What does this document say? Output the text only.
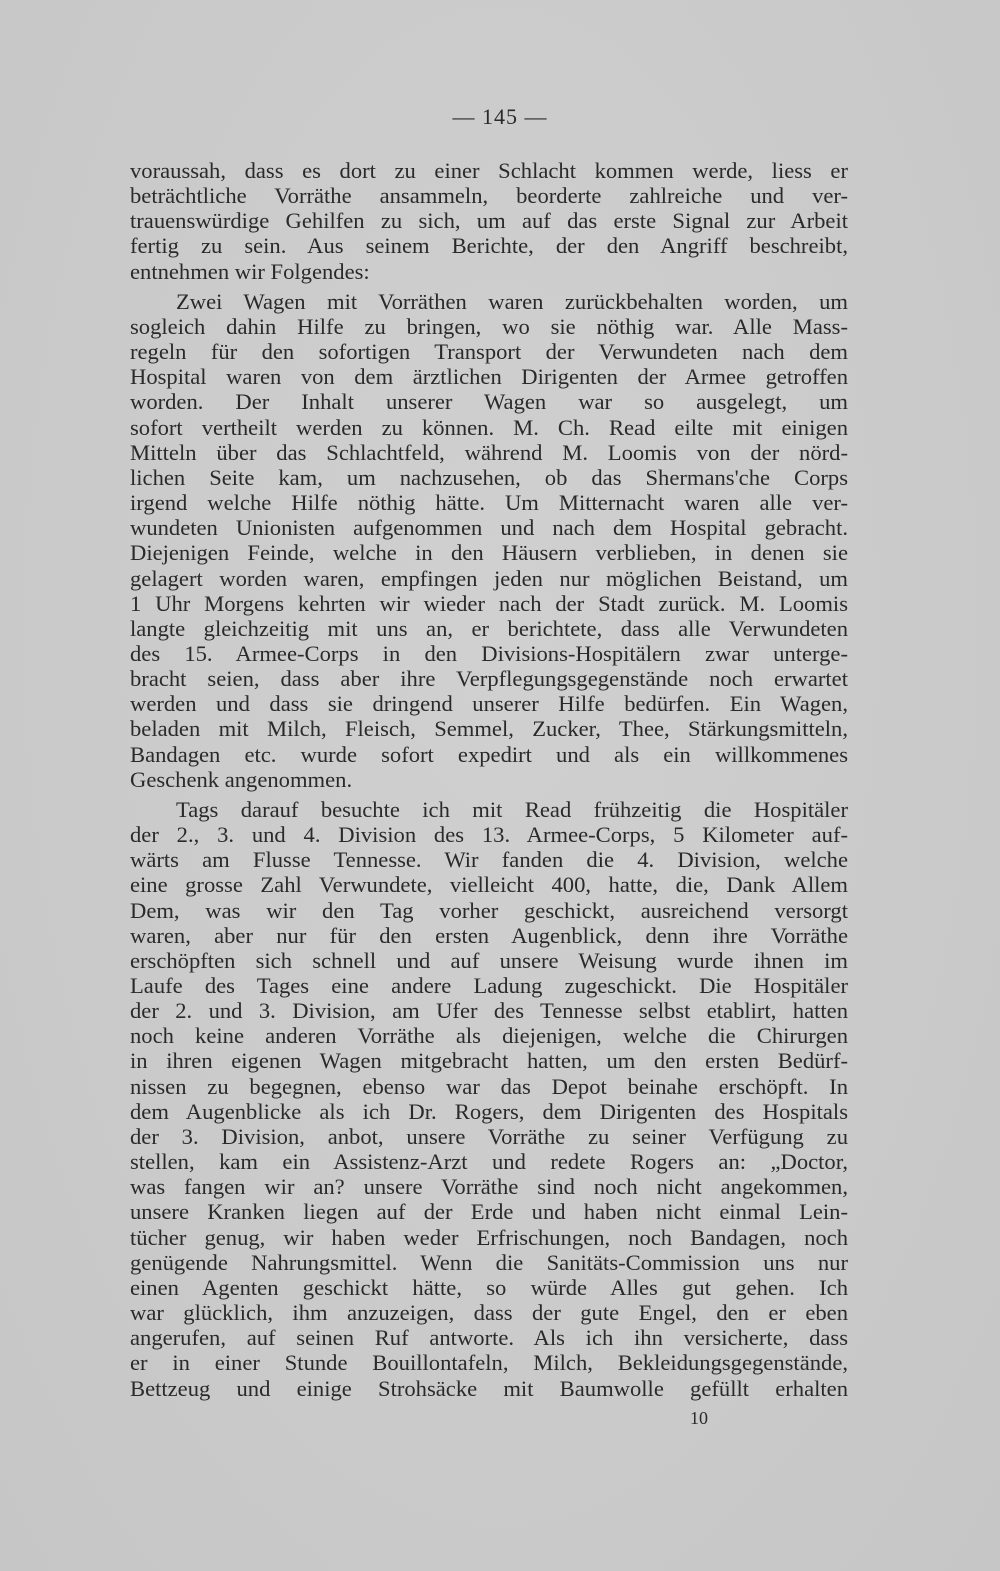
— 145 —
voraussah, dass es dort zu einer Schlacht kommen werde, liess er
beträchtliche Vorräthe ansammeln, beorderte zahlreiche und ver-
trauenswürdige Gehilfen zu sich, um auf das erste Signal zur Arbeit
fertig zu sein. Aus seinem Berichte, der den Angriff beschreibt,
entnehmen wir Folgendes:
Zwei Wagen mit Vorräthen waren zurückbehalten worden, um
sogleich dahin Hilfe zu bringen, wo sie nöthig war. Alle Mass-
regeln für den sofortigen Transport der Verwundeten nach dem
Hospital waren von dem ärztlichen Dirigenten der Armee getroffen
worden. Der Inhalt unserer Wagen war so ausgelegt, um
sofort vertheilt werden zu können. M. Ch. Read eilte mit einigen
Mitteln über das Schlachtfeld, während M. Loomis von der nörd-
lichen Seite kam, um nachzusehen, ob das Shermans'che Corps
irgend welche Hilfe nöthig hätte. Um Mitternacht waren alle ver-
wundeten Unionisten aufgenommen und nach dem Hospital gebracht.
Diejenigen Feinde, welche in den Häusern verblieben, in denen sie
gelagert worden waren, empfingen jeden nur möglichen Beistand, um
1 Uhr Morgens kehrten wir wieder nach der Stadt zurück. M. Loomis
langte gleichzeitig mit uns an, er berichtete, dass alle Verwundeten
des 15. Armee-Corps in den Divisions-Hospitälern zwar unterge-
bracht seien, dass aber ihre Verpflegungsgegenstände noch erwartet
werden und dass sie dringend unserer Hilfe bedürfen. Ein Wagen,
beladen mit Milch, Fleisch, Semmel, Zucker, Thee, Stärkungsmitteln,
Bandagen etc. wurde sofort expedirt und als ein willkommenes
Geschenk angenommen.
Tags darauf besuchte ich mit Read frühzeitig die Hospitäler
der 2., 3. und 4. Division des 13. Armee-Corps, 5 Kilometer auf-
wärts am Flusse Tennesse. Wir fanden die 4. Division, welche
eine grosse Zahl Verwundete, vielleicht 400, hatte, die, Dank Allem
Dem, was wir den Tag vorher geschickt, ausreichend versorgt
waren, aber nur für den ersten Augenblick, denn ihre Vorräthe
erschöpften sich schnell und auf unsere Weisung wurde ihnen im
Laufe des Tages eine andere Ladung zugeschickt. Die Hospitäler
der 2. und 3. Division, am Ufer des Tennesse selbst etablirt, hatten
noch keine anderen Vorräthe als diejenigen, welche die Chirurgen
in ihren eigenen Wagen mitgebracht hatten, um den ersten Bedürf-
nissen zu begegnen, ebenso war das Depot beinahe erschöpft. In
dem Augenblicke als ich Dr. Rogers, dem Dirigenten des Hospitals
der 3. Division, anbot, unsere Vorräthe zu seiner Verfügung zu
stellen, kam ein Assistenz-Arzt und redete Rogers an: „Doctor,
was fangen wir an? unsere Vorräthe sind noch nicht angekommen,
unsere Kranken liegen auf der Erde und haben nicht einmal Lein-
tücher genug, wir haben weder Erfrischungen, noch Bandagen, noch
genügende Nahrungsmittel. Wenn die Sanitäts-Commission uns nur
einen Agenten geschickt hätte, so würde Alles gut gehen. Ich
war glücklich, ihm anzuzeigen, dass der gute Engel, den er eben
angerufen, auf seinen Ruf antworte. Als ich ihn versicherte, dass
er in einer Stunde Bouillontafeln, Milch, Bekleidungsgegenstände,
Bettzeug und einige Strohsäcke mit Baumwolle gefüllt erhalten
10
